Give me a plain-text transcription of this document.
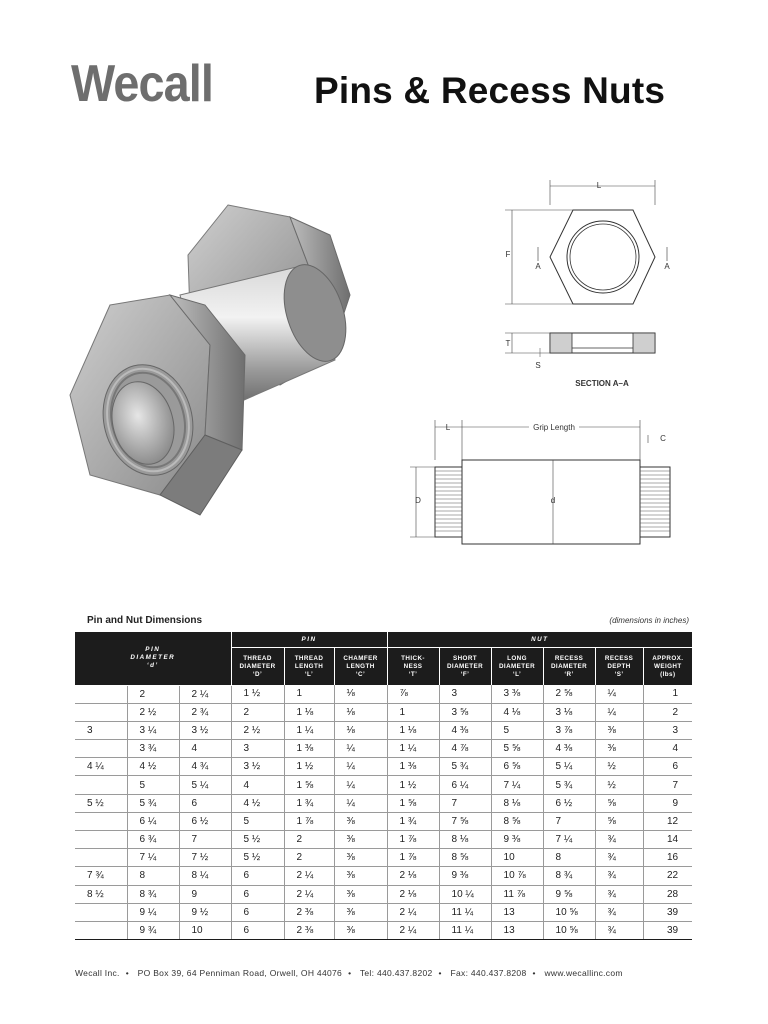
Wecall	Pins & Recess Nuts
L
F
A	A
T
S
SECTION A–A
L	Grip Length
C
D	d
Pin and Nut Dimensions	(dimensions in inches)
PIN
DIAMETER
‘d’			PIN			NUT					
			THREAD
DIAMETER
‘D’	THREAD
LENGTH
‘L’	CHAMFER
LENGTH
‘C’	THICK-
NESS
‘T’	SHORT
DIAMETER
‘F’	LONG
DIAMETER
‘L’	RECESS
DIAMETER
‘R’	RECESS
DEPTH
‘S’	APPROX.
WEIGHT
(lbs)
	2	2 ¼	1 ½	1	⅛	⅞	3	3 ⅜	2 ⅝	¼	1
	2 ½	2 ¾	2	1 ⅛	⅛	1	3 ⅝	4 ⅛	3 ⅛	¼	2
3	3 ¼	3 ½	2 ½	1 ¼	⅛	1 ⅛	4 ⅜	5	3 ⅞	⅜	3
	3 ¾	4	3	1 ⅜	¼	1 ¼	4 ⅞	5 ⅝	4 ⅜	⅜	4
4 ¼	4 ½	4 ¾	3 ½	1 ½	¼	1 ⅜	5 ¾	6 ⅝	5 ¼	½	6
	5	5 ¼	4	1 ⅝	¼	1 ½	6 ¼	7 ¼	5 ¾	½	7
5 ½	5 ¾	6	4 ½	1 ¾	¼	1 ⅝	7	8 ⅛	6 ½	⅝	9
	6 ¼	6 ½	5	1 ⅞	⅜	1 ¾	7 ⅝	8 ⅝	7	⅝	12
	6 ¾	7	5 ½	2	⅜	1 ⅞	8 ⅛	9 ⅜	7 ¼	¾	14
	7 ¼	7 ½	5 ½	2	⅜	1 ⅞	8 ⅝	10	8	¾	16
7 ¾	8	8 ¼	6	2 ¼	⅜	2 ⅛	9 ⅜	10 ⅞	8 ¾	¾	22
8 ½	8 ¾	9	6	2 ¼	⅜	2 ⅛	10 ¼	11 ⅞	9 ⅝	¾	28
	9 ¼	9 ½	6	2 ⅜	⅜	2 ¼	11 ¼	13	10 ⅝	¾	39
	9 ¾	10	6	2 ⅜	⅜	2 ¼	11 ¼	13	10 ⅝	¾	39
Wecall Inc. • PO Box 39, 64 Penniman Road, Orwell, OH 44076 • Tel: 440.437.8202 • Fax: 440.437.8208 • www.wecallinc.com
